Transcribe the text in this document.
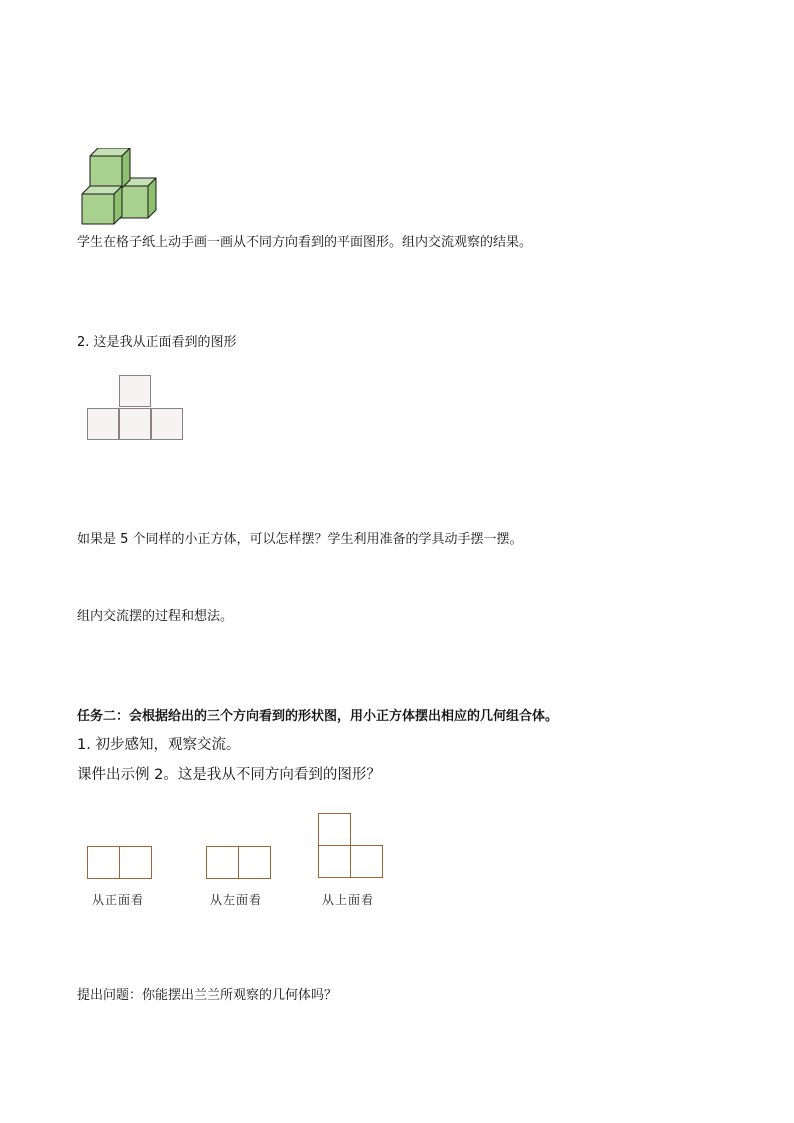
学生在格子纸上动手画一画从不同方向看到的平面图形。组内交流观察的结果。
2. 这是我从正面看到的图形
如果是 5 个同样的小正方体，可以怎样摆？学生利用准备的学具动手摆一摆。
组内交流摆的过程和想法。
任务二：会根据给出的三个方向看到的形状图，用小正方体摆出相应的几何组合体。
1. 初步感知，观察交流。
课件出示例 2。这是我从不同方向看到的图形？
从正面看	从左面看	从上面看
提出问题：你能摆出兰兰所观察的几何体吗？
